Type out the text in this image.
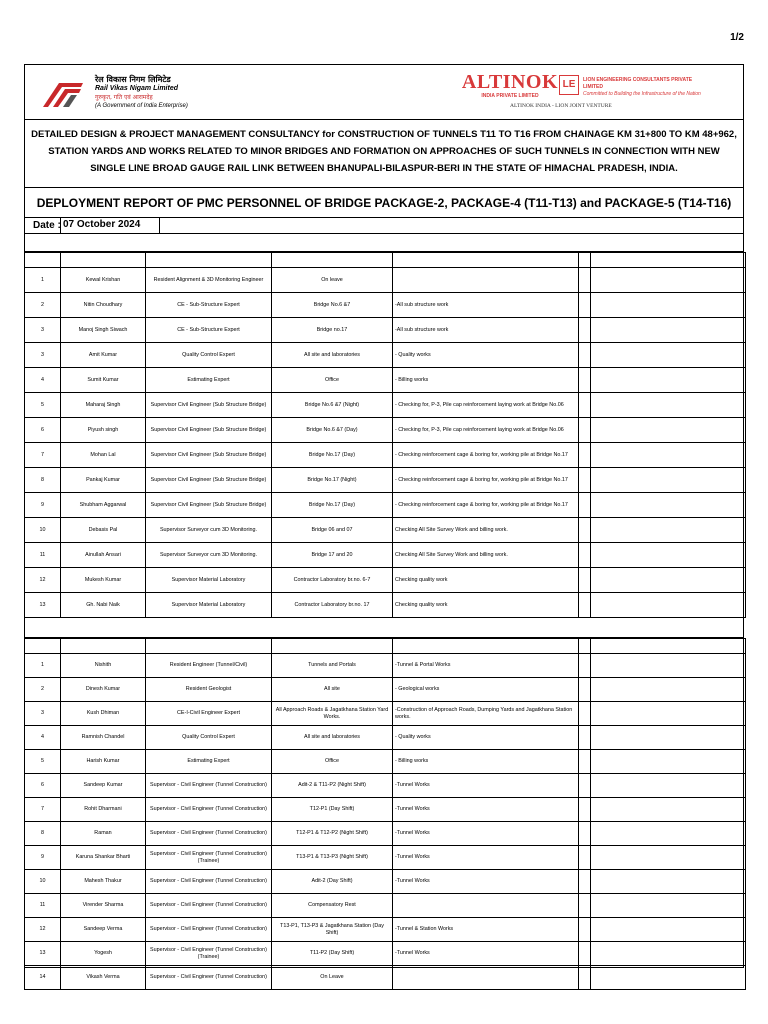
1/2
रेल विकास निगम लिमिटेड
Rail Vikas Nigam Limited
गुरुकृत, गति एवं आरामदेह
(A Government of India Enterprise)
ALTINOK
INDIA PRIVATE LIMITED
LE	LION ENGINEERING CONSULTANTS PRIVATE LIMITED
Committed to Building the Infrastructure of the Nation
ALTINOK INDIA - LION JOINT VENTURE
DETAILED DESIGN & PROJECT MANAGEMENT CONSULTANCY for CONSTRUCTION OF TUNNELS T11 TO T16 FROM CHAINAGE KM 31+800 TO KM 48+962, STATION YARDS AND WORKS RELATED TO MINOR BRIDGES AND FORMATION ON APPROACHES OF SUCH TUNNELS IN CONNECTION WITH NEW SINGLE LINE BROAD GAUGE RAIL LINK BETWEEN BHANUPALI-BILASPUR-BERI IN THE STATE OF HIMACHAL PRADESH, INDIA.
DEPLOYMENT REPORT OF PMC PERSONNEL OF BRIDGE PACKAGE-2, PACKAGE-4 (T11-T13) and PACKAGE-5 (T14-T16)
Date : 07 October 2024

1	Kewal Krishan	Resident Alignment & 3D Monitoring Engineer	On leave			
2	Nitin Choudhary	CE - Sub-Structure Expert	Bridge No.6 &7	-All sub structure work		
3	Manoj Singh Siwach	CE - Sub-Structure Expert	Bridge no.17	-All sub structure work		
3	Amit Kumar	Quality Control Expert	All site and laboratories	- Quality works		
4	Sumit Kumar	Estimating Expert	Office	- Billing works		
5	Maharaj Singh	Supervisor Civil Engineer (Sub Structure Bridge)	Bridge No.6 &7 (Night)	- Checking for, P-3, Pile cap reinforcement laying work at Bridge No.06		
6	Piyush singh	Supervisor Civil Engineer (Sub Structure Bridge)	Bridge No.6 &7 (Day)	- Checking for, P-3, Pile cap reinforcement laying work at Bridge No.06		
7	Mohan Lal	Supervisor Civil Engineer (Sub Structure Bridge)	Bridge No.17 (Day)	- Checking reinforcement cage & boring for, working pile at Bridge No.17		
8	Pankaj Kumar	Supervisor Civil Engineer (Sub Structure Bridge)	Bridge No.17 (Night)	- Checking reinforcement cage & boring for, working pile at Bridge No.17		
9	Shubham Aggarwal	Supervisor Civil Engineer (Sub Structure Bridge)	Bridge No.17 (Day)	- Checking reinforcement cage & boring for, working pile at Bridge No.17		
10	Debasis Pal	Supervisor Surveyor cum 3D Monitoring.	Bridge 06 and 07	Checking All Site Survey Work and billing work.		
11	Ainullah Ansari	Supervisor Surveyor cum 3D Monitoring.	Bridge 17 and 20	Checking All Site Survey Work and billing work.		
12	Mukesh Kumar	Supervisor Material Laboratory	Contractor Laboratory br.no. 6-7	Checking quality work		
13	Gh. Nabi Naik	Supervisor Material Laboratory	Contractor Laboratory br.no. 17	Checking quality work		

1	Nishith	Resident Engineer (Tunnel/Civil)	Tunnels and Portals	-Tunnel & Portal Works		
2	Dinesh Kumar	Resident Geologist	All site	- Geological works		
3	Kush Dhiman	CE-I-Civil Engineer Expert	All Approach Roads & Jagatkhana Station Yard Works.	-Construction of Approach Roads, Dumping Yards and Jagatkhana Station works.		
4	Ramnish Chandel	Quality Control Expert	All site and laboratories	- Quality works		
5	Harish Kumar	Estimating Expert	Office	- Billing works		
6	Sandeep Kumar	Supervisor - Civil Engineer (Tunnel Construction)	Adit-2 & T11-P2 (Night Shift)	-Tunnel Works		
7	Rohit Dharmani	Supervisor - Civil Engineer (Tunnel Construction)	T12-P1 (Day Shift)	-Tunnel Works		
8	Raman	Supervisor - Civil Engineer (Tunnel Construction)	T12-P1 & T12-P2 (Night Shift)	-Tunnel Works		
9	Karuna Shankar Bharti	Supervisor - Civil Engineer (Tunnel Construction) (Trainee)	T13-P1 & T13-P3 (Night Shift)	-Tunnel Works		
10	Mahesh Thakur	Supervisor - Civil Engineer (Tunnel Construction)	Adit-2 (Day Shift)	-Tunnel Works		
11	Virender Sharma	Supervisor - Civil Engineer (Tunnel Construction)	Compensatory Rest			
12	Sandeep Verma	Supervisor - Civil Engineer (Tunnel Construction)	T13-P1, T13-P3 & Jagatkhana Station (Day Shift)	-Tunnel & Station Works		
13	Yogesh	Supervisor - Civil Engineer (Tunnel Construction) (Trainee)	T11-P2 (Day Shift)	-Tunnel Works		
14	Vikash Verma	Supervisor - Civil Engineer (Tunnel Construction)	On Leave			
